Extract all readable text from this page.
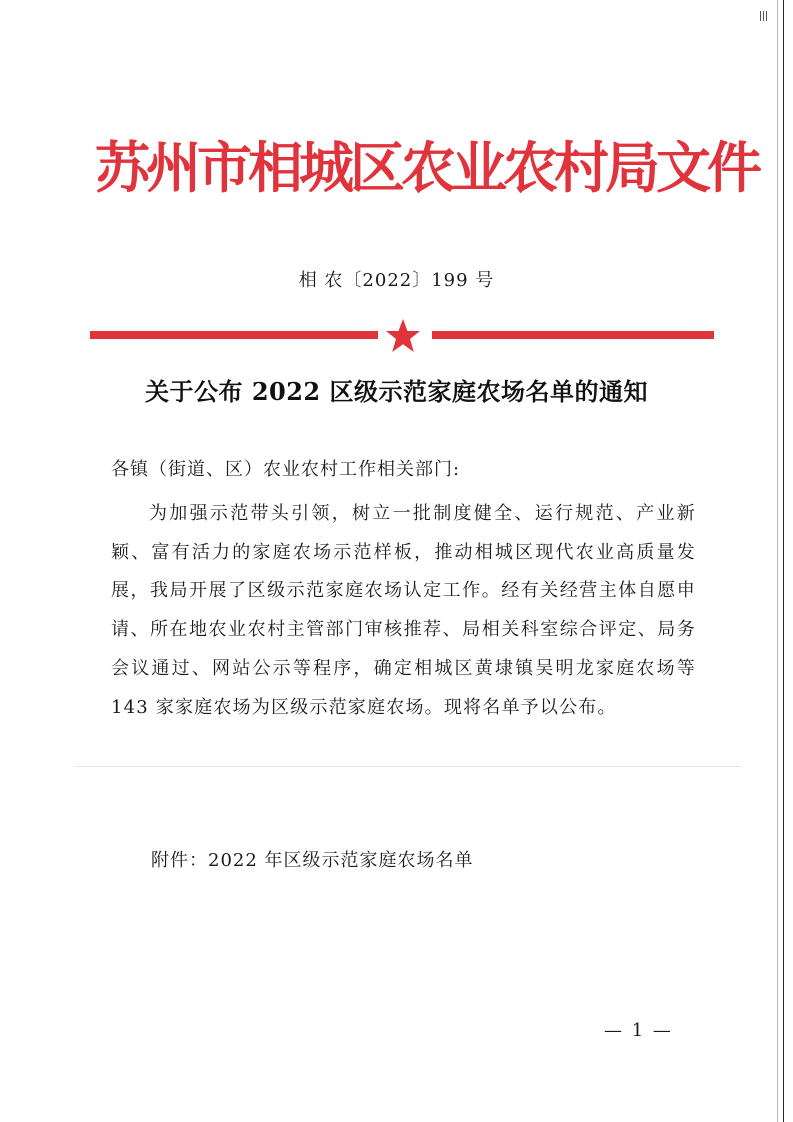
苏州市相城区农业农村局文件
相 农〔2022〕199 号
关于公布 2022 区级示范家庭农场名单的通知
各镇（街道、区）农业农村工作相关部门:
为加强示范带头引领，树立一批制度健全、运行规范、产业新颖、富有活力的家庭农场示范样板，推动相城区现代农业高质量发展，我局开展了区级示范家庭农场认定工作。经有关经营主体自愿申请、所在地农业农村主管部门审核推荐、局相关科室综合评定、局务会议通过、网站公示等程序，确定相城区黄埭镇吴明龙家庭农场等 143 家家庭农场为区级示范家庭农场。现将名单予以公布。
附件：2022 年区级示范家庭农场名单
— 1 —
